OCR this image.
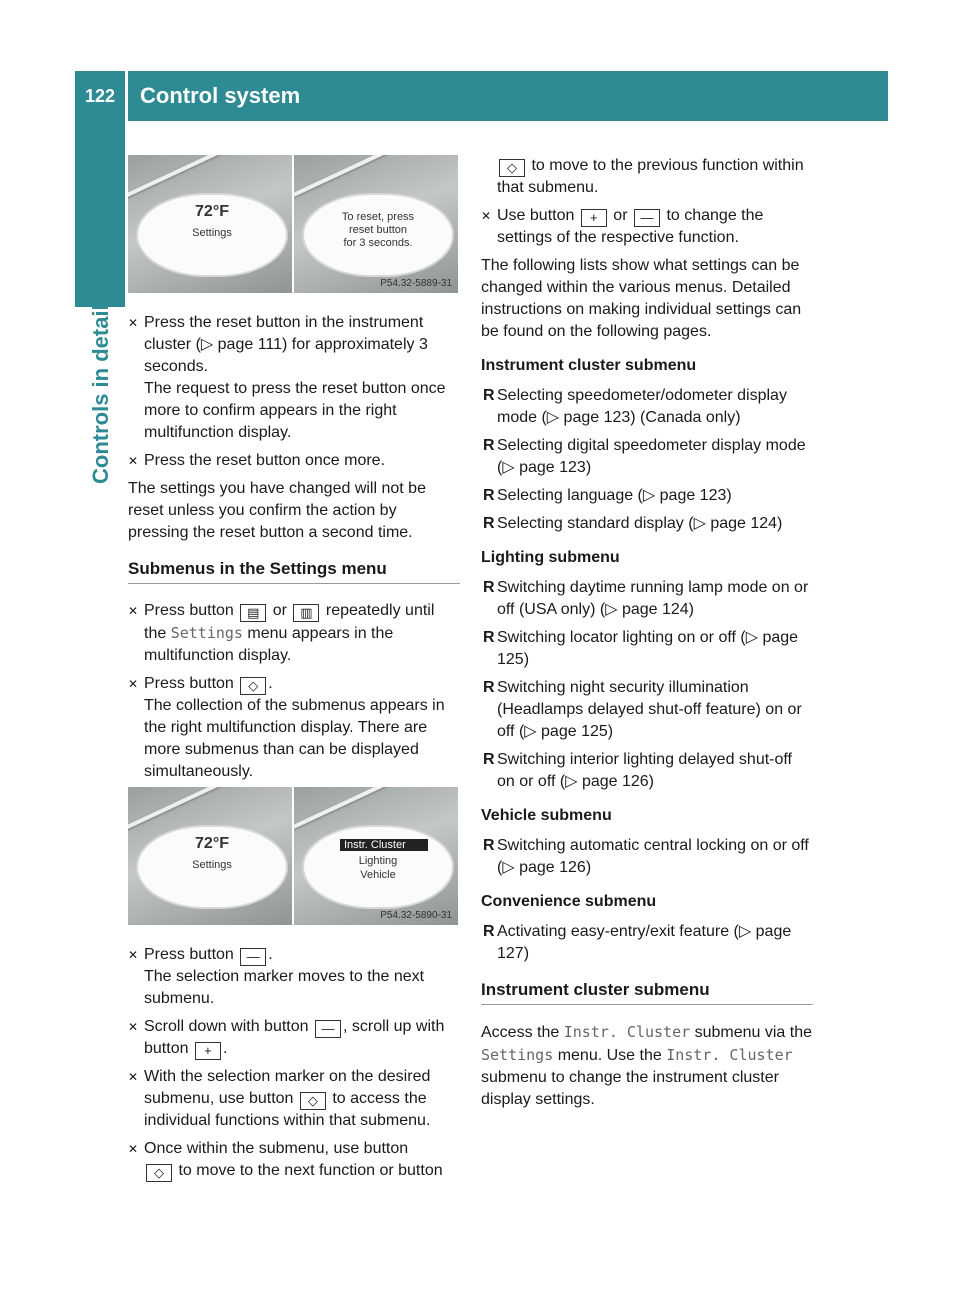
122	Control system
Controls in detail
72°F
Settings
To reset, press
reset button
for 3 seconds.
P54.32-5889-31
✕ Press the reset button in the instrument cluster (▷ page 111) for approximately 3 seconds.
The request to press the reset button once more to confirm appears in the right multifunction display.
✕ Press the reset button once more.
The settings you have changed will not be reset unless you confirm the action by pressing the reset button a second time.
Submenus in the Settings menu
✕ Press button ▤ or ▥ repeatedly until the Settings menu appears in the multifunction display.
✕ Press button ◇ .
The collection of the submenus appears in the right multifunction display. There are more submenus than can be displayed simultaneously.
72°F
Settings
Instr. Cluster
Lighting
Vehicle
P54.32-5890-31
✕ Press button — .
The selection marker moves to the next submenu.
✕ Scroll down with button — , scroll up with button + .
✕ With the selection marker on the desired submenu, use button ◇ to access the individual functions within that submenu.
✕ Once within the submenu, use button
◇ to move to the next function or button
◇ to move to the previous function within that submenu.
✕ Use button + or — to change the settings of the respective function.
The following lists show what settings can be changed within the various menus. Detailed instructions on making individual settings can be found on the following pages.
Instrument cluster submenu
R Selecting speedometer/odometer display mode (▷ page 123) (Canada only)
R Selecting digital speedometer display mode (▷ page 123)
R Selecting language (▷ page 123)
R Selecting standard display (▷ page 124)
Lighting submenu
R Switching daytime running lamp mode on or off (USA only) (▷ page 124)
R Switching locator lighting on or off (▷ page 125)
R Switching night security illumination (Headlamps delayed shut-off feature) on or off (▷ page 125)
R Switching interior lighting delayed shut-off on or off (▷ page 126)
Vehicle submenu
R Switching automatic central locking on or off (▷ page 126)
Convenience submenu
R Activating easy-entry/exit feature (▷ page 127)
Instrument cluster submenu
Access the Instr. Cluster submenu via the Settings menu. Use the Instr. Cluster submenu to change the instrument cluster display settings.
